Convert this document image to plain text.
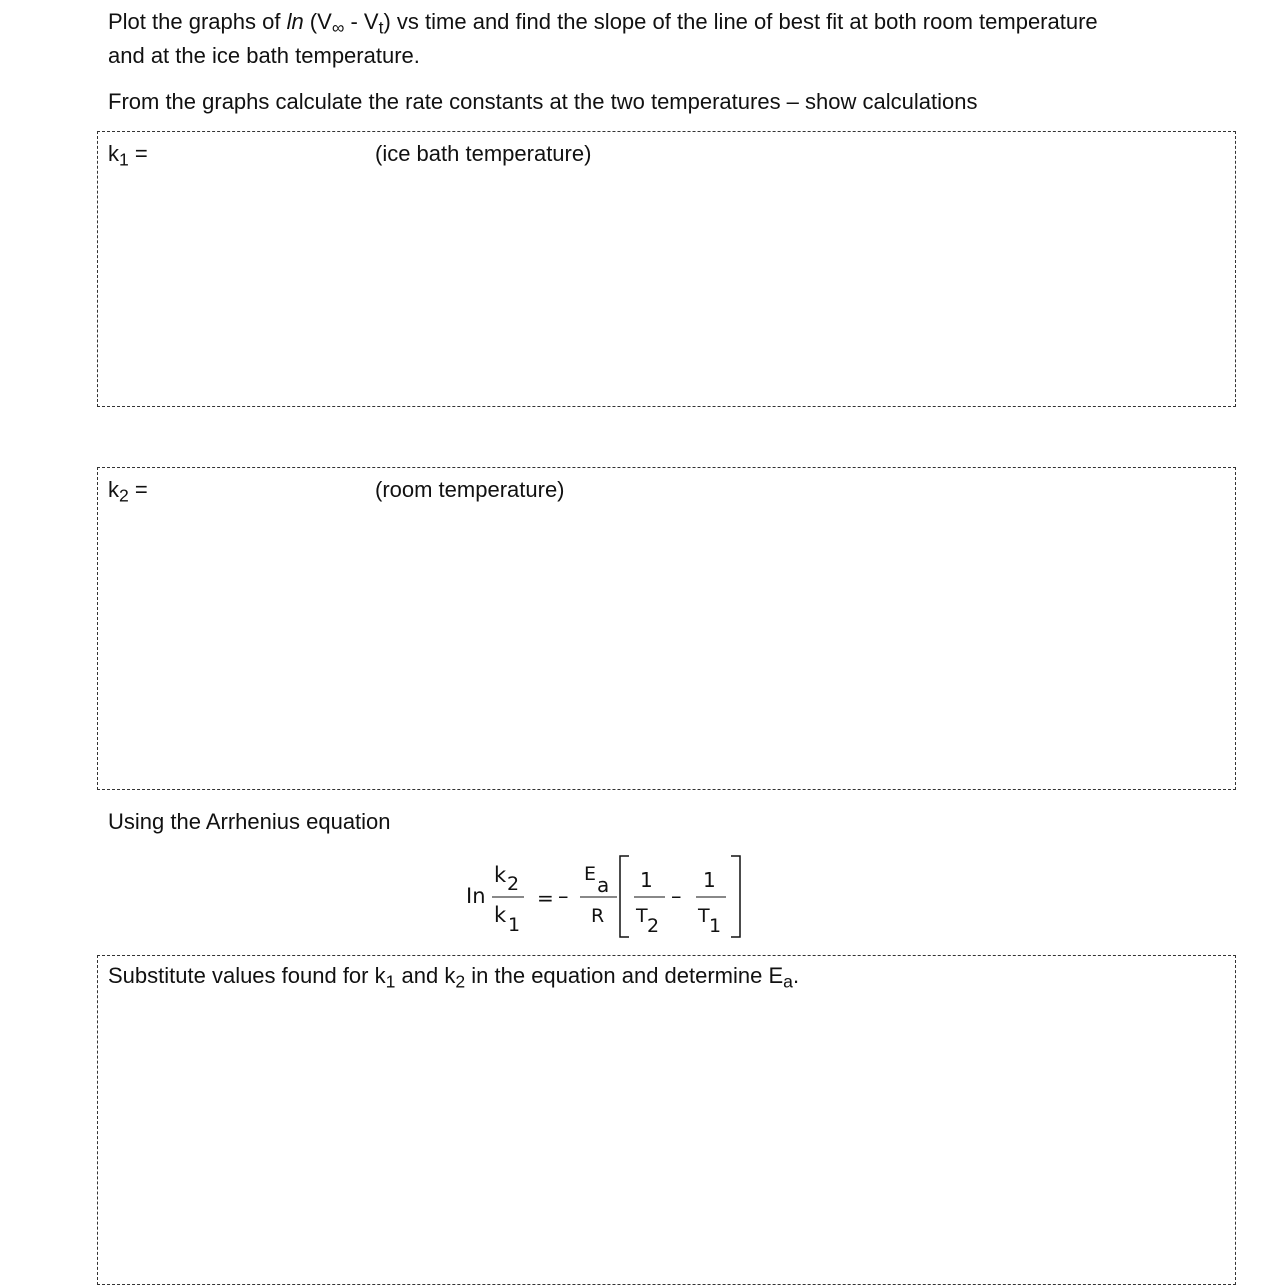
Plot the graphs of $\ln (V_\infty - V_t)$ vs time and find the slope of the line of best fit at both room temperature
and at the ice bath temperature.
From the graphs calculate the rate constants at the two temperatures – show calculations
$k_1$ =	(ice bath temperature)
$k_2$ =	(room temperature)
Using the Arrhenius equation
In
k 2
k 1
= –
E a
R
1
T 2
–
1
T 1
Substitute values found for $k_1$ and $k_2$ in the equation and determine $E_a$.
